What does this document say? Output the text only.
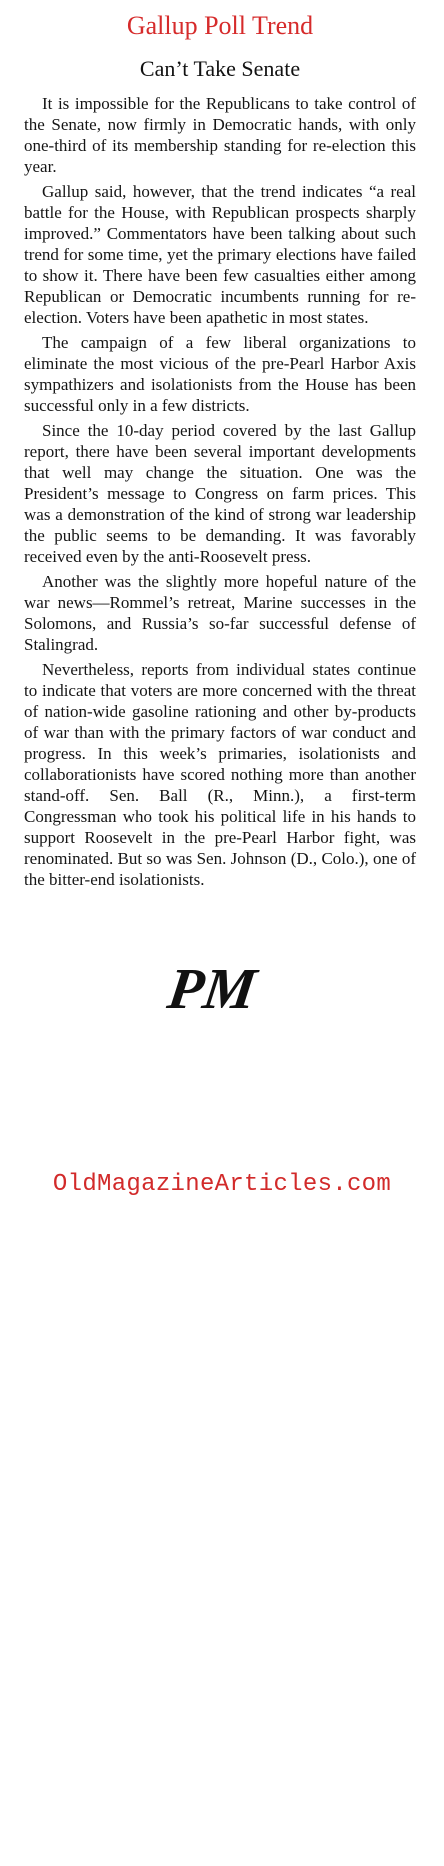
Gallup Poll Trend
Can’t Take Senate

It is impossible for the Republicans to take control of the Senate, now firmly in Democratic hands, with only one-third of its membership standing for re-election this year.

Gallup said, however, that the trend indicates “a real battle for the House, with Republican prospects sharply improved.” Commentators have been talking about such trend for some time, yet the primary elections have failed to show it. There have been few casualties either among Republican or Democratic incumbents running for re-election. Voters have been apathetic in most states.

The campaign of a few liberal organizations to eliminate the most vicious of the pre-Pearl Harbor Axis sympathizers and isolationists from the House has been successful only in a few districts.

Since the 10-day period covered by the last Gallup report, there have been several important developments that well may change the situation. One was the President’s message to Congress on farm prices. This was a demonstration of the kind of strong war leadership the public seems to be demanding. It was favorably received even by the anti-Roosevelt press.

Another was the slightly more hopeful nature of the war news—Rommel’s retreat, Marine successes in the Solomons, and Russia’s so-far successful defense of Stalingrad.

Nevertheless, reports from individual states continue to indicate that voters are more concerned with the threat of nation-wide gasoline rationing and other by-products of war than with the primary factors of war conduct and progress. In this week’s primaries, isolationists and collaborationists have scored nothing more than another stand-off. Sen. Ball (R., Minn.), a first-term Congressman who took his political life in his hands to support Roosevelt in the pre-Pearl Harbor fight, was renominated. But so was Sen. Johnson (D., Colo.), one of the bitter-end isolationists.

PM
OldMagazineArticles.com
